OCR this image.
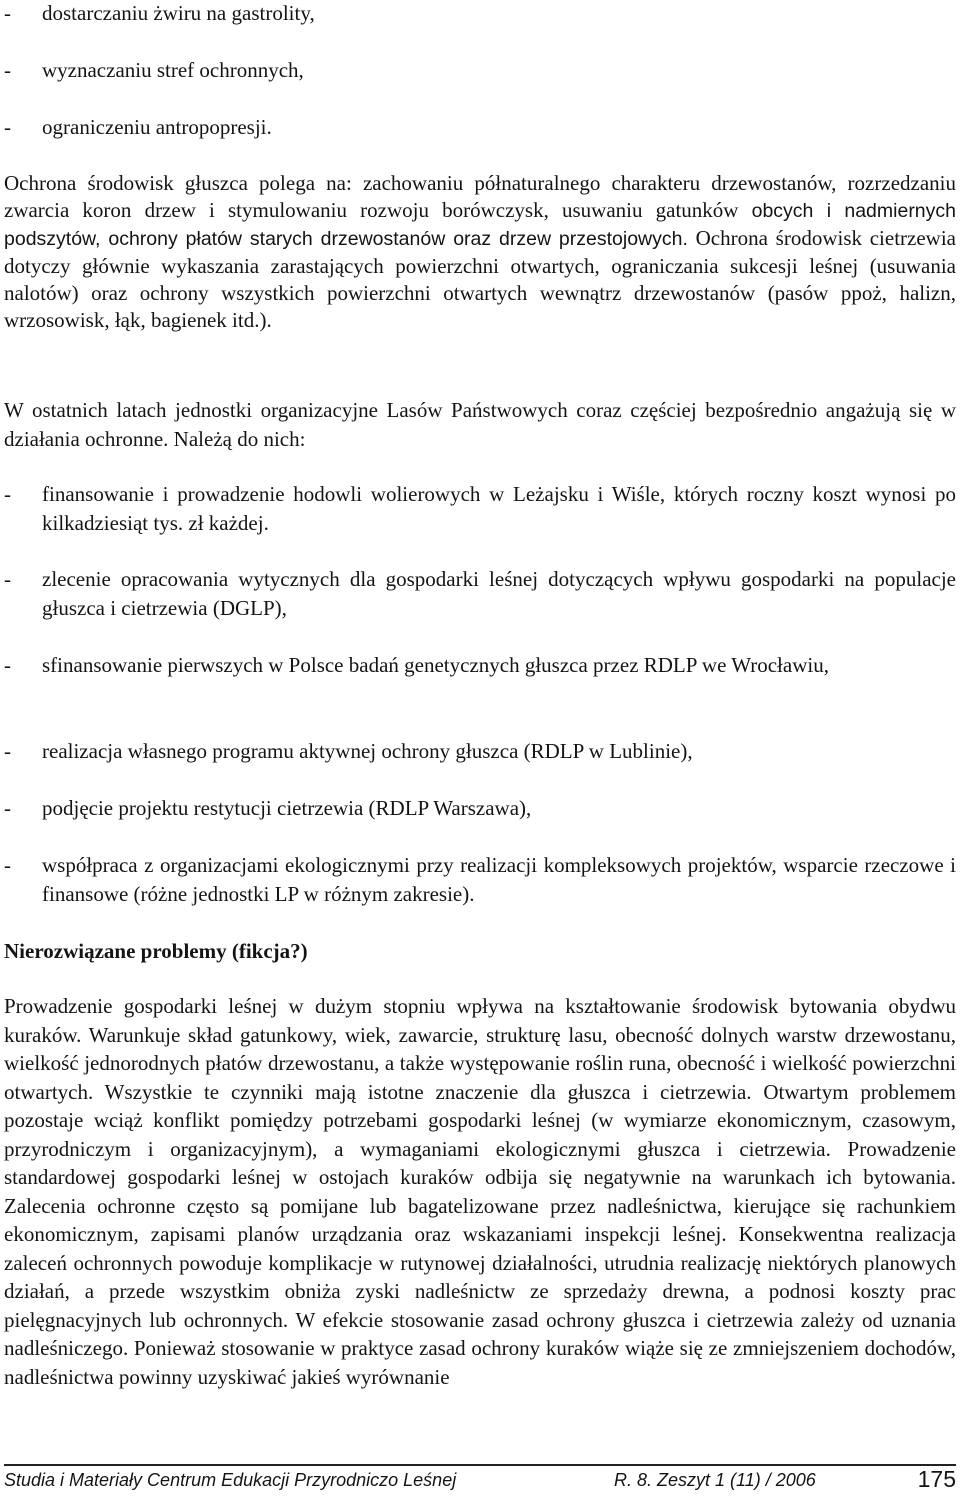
- dostarczaniu żwiru na gastrolity,
- wyznaczaniu stref ochronnych,
- ograniczeniu antropopresji.

Ochrona środowisk głuszca polega na: zachowaniu półnaturalnego charakteru drzewostanów, rozrzedzaniu zwarcia koron drzew i stymulowaniu rozwoju borówczysk, usuwaniu gatunków obcych i nadmiernych podszytów, ochrony płatów starych drzewostanów oraz drzew przestojowych. Ochrona środowisk cietrzewia dotyczy głównie wykaszania zarastających powierzchni otwartych, ograniczania sukcesji leśnej (usuwania nalotów) oraz ochrony wszystkich powierzchni otwartych wewnątrz drzewostanów (pasów ppoż, halizn, wrzosowisk, łąk, bagienek itd.).

W ostatnich latach jednostki organizacyjne Lasów Państwowych coraz częściej bezpośrednio angażują się w działania ochronne. Należą do nich:

- finansowanie i prowadzenie hodowli wolierowych w Leżajsku i Wiśle, których roczny koszt wynosi po kilkadziesiąt tys. zł każdej.
- zlecenie opracowania wytycznych dla gospodarki leśnej dotyczących wpływu gospodarki na populacje głuszca i cietrzewia (DGLP),
- sfinansowanie pierwszych w Polsce badań genetycznych głuszca przez RDLP we Wrocławiu,
- realizacja własnego programu aktywnej ochrony głuszca (RDLP w Lublinie),
- podjęcie projektu restytucji cietrzewia (RDLP Warszawa),
- współpraca z organizacjami ekologicznymi przy realizacji kompleksowych projektów, wsparcie rzeczowe i finansowe (różne jednostki LP w różnym zakresie).
Nierozwiązane problemy (fikcja?)

Prowadzenie gospodarki leśnej w dużym stopniu wpływa na kształtowanie środowisk bytowania obydwu kuraków. Warunkuje skład gatunkowy, wiek, zawarcie, strukturę lasu, obecność dolnych warstw drzewostanu, wielkość jednorodnych płatów drzewostanu, a także występowanie roślin runa, obecność i wielkość powierzchni otwartych. Wszystkie te czynniki mają istotne znaczenie dla głuszca i cietrzewia. Otwartym problemem pozostaje wciąż konflikt pomiędzy potrzebami gospodarki leśnej (w wymiarze ekonomicznym, czasowym, przyrodniczym i organizacyjnym), a wymaganiami ekologicznymi głuszca i cietrzewia. Prowadzenie standardowej gospodarki leśnej w ostojach kuraków odbija się negatywnie na warunkach ich bytowania. Zalecenia ochronne często są pomijane lub bagatelizowane przez nadleśnictwa, kierujące się rachunkiem ekonomicznym, zapisami planów urządzania oraz wskazaniami inspekcji leśnej. Konsekwentna realizacja zaleceń ochronnych powoduje komplikacje w rutynowej działalności, utrudnia realizację niektórych planowych działań, a przede wszystkim obniża zyski nadleśnictw ze sprzedaży drewna, a podnosi koszty prac pielęgnacyjnych lub ochronnych. W efekcie stosowanie zasad ochrony głuszca i cietrzewia zależy od uznania nadleśniczego. Ponieważ stosowanie w praktyce zasad ochrony kuraków wiąże się ze zmniejszeniem dochodów, nadleśnictwa powinny uzyskiwać jakieś wyrównanie

Studia i Materiały Centrum Edukacji Przyrodniczo Leśnej	R. 8. Zeszyt 1 (11) / 2006	175
